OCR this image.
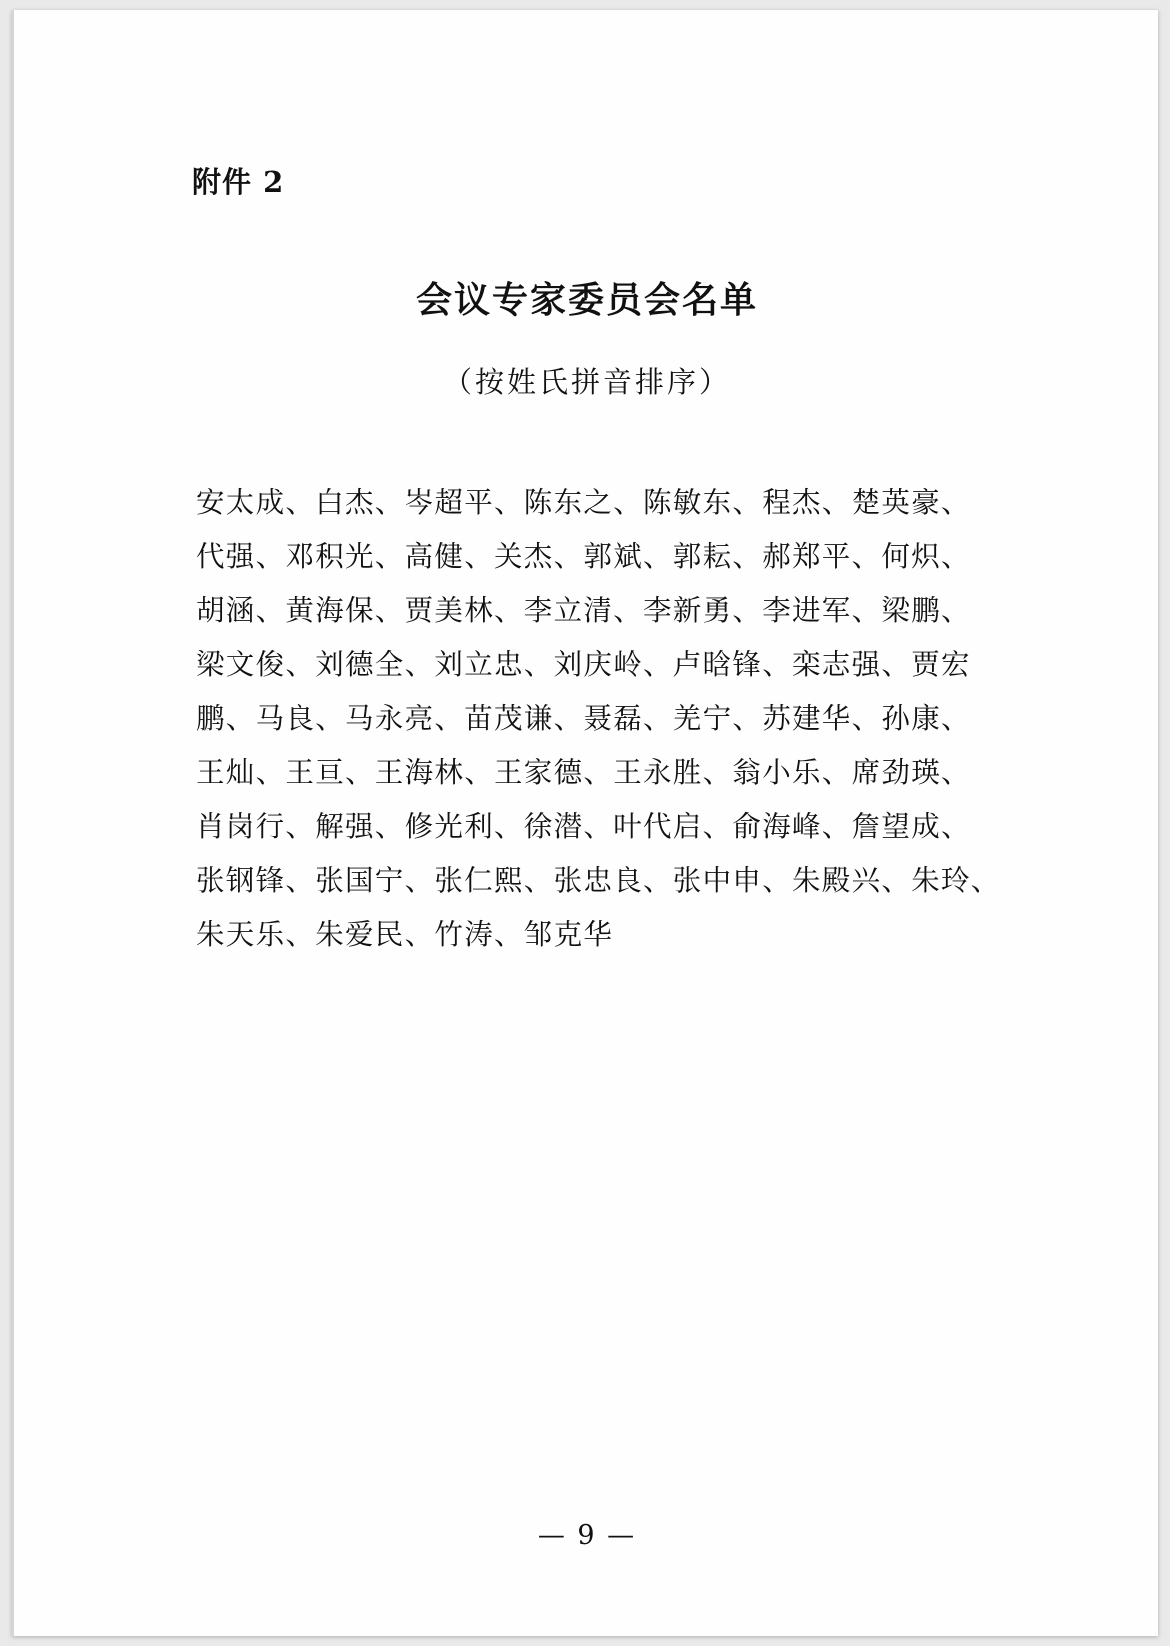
附件 2
会议专家委员会名单
（按姓氏拼音排序）
安太成、白杰、岑超平、陈东之、陈敏东、程杰、楚英豪、
代强、邓积光、高健、关杰、郭斌、郭耘、郝郑平、何炽、
胡涵、黄海保、贾美林、李立清、李新勇、李进军、梁鹏、
梁文俊、刘德全、刘立忠、刘庆岭、卢晗锋、栾志强、贾宏
鹏、马良、马永亮、苗茂谦、聂磊、羌宁、苏建华、孙康、
王灿、王亘、王海林、王家德、王永胜、翁小乐、席劲瑛、
肖岗行、解强、修光利、徐潜、叶代启、俞海峰、詹望成、
张钢锋、张国宁、张仁熙、张忠良、张中申、朱殿兴、朱玲、
朱天乐、朱爱民、竹涛、邹克华
— 9 —
